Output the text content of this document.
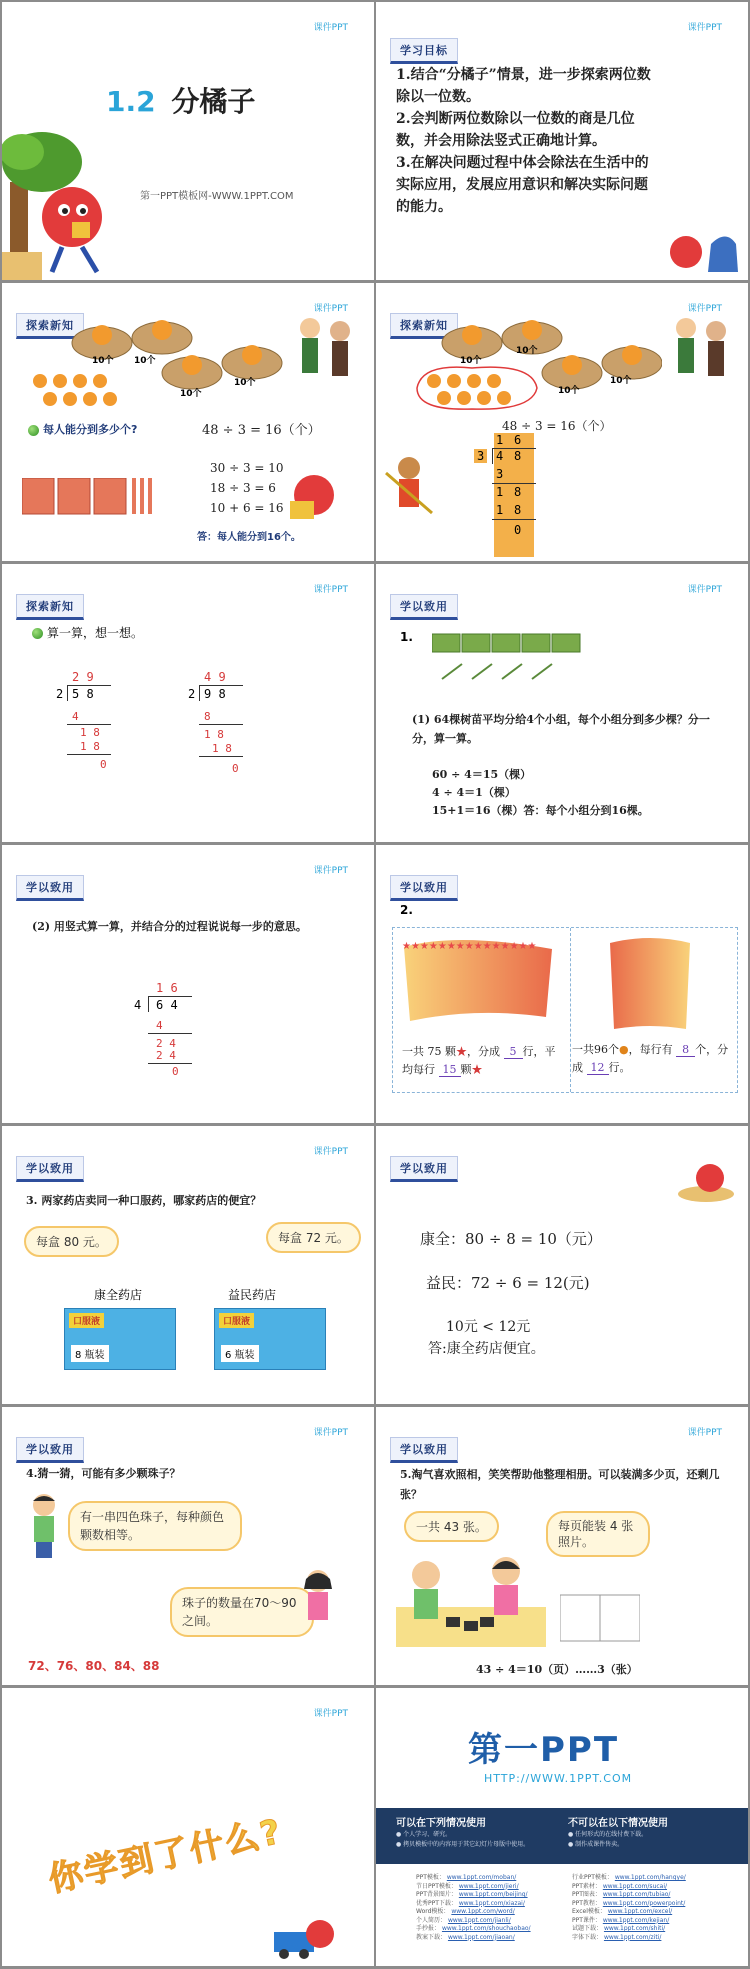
课件PPT
1.2 分橘子
第一PPT模板网-WWW.1PPT.COM
课件PPT
学习目标
1.结合“分橘子”情景，进一步探索两位数除以一位数。
2.会判断两位数除以一位数的商是几位数，并会用除法竖式正确地计算。
3.在解决问题过程中体会除法在生活中的实际应用，发展应用意识和解决实际问题的能力。
课件PPT
探索新知
10个 10个
10个
10个
每人能分到多少个?	48 ÷ 3 = 16（个）
30 ÷ 3 = 10
18 ÷ 3 = 6
10 + 6 = 16
答：每人能分到16个。
课件PPT
探索新知
10个
10个
10个
10个
48 ÷ 3 = 16（个）
1 6
3 4 8
3
1 8
1 8
0
课件PPT
探索新知
算一算，想一想。
2 9
2 5 8
4
1 8
1 8
0
4 9
2 9 8
8
1 8
1 8
0
课件PPT
学以致用
1.
(1) 64棵树苗平均分给4个小组，每个小组分到多少棵？分一分，算一算。
60 ÷ 4＝15（棵）
4 ÷ 4＝1（棵）
15+1＝16（棵）答：每个小组分到16棵。
课件PPT
学以致用
(2) 用竖式算一算，并结合分的过程说说每一步的意思。
1 6
4 6 4
4
2 4
2 4
0
学以致用
2.
★★★★★★★★★★★★★★★
一共 75 颗★，分成 5 行，平均每行 15 颗★
一共96个●，每行有 8 个，分成 12 行。
课件PPT
学以致用
3. 两家药店卖同一种口服药，哪家药店的便宜？
每盒 80 元。	每盒 72 元。
康全药店	益民药店
口服液
8 瓶装
口服液
6 瓶装
学以致用
康全：80 ÷ 8 = 10（元）
益民：72 ÷ 6 = 12(元)
10元 < 12元
答:康全药店便宜。
课件PPT
学以致用
4.猜一猜，可能有多少颗珠子？
有一串四色珠子，每种颜色颗数相等。
珠子的数量在70～90之间。
72、76、80、84、88
课件PPT
学以致用
5.淘气喜欢照相，笑笑帮助他整理相册。可以装满多少页，还剩几张？
一共 43 张。	每页能装 4 张照片。
43 ÷ 4＝10（页）……3（张）
课件PPT
你学到了什么?
第一PPT
HTTP://WWW.1PPT.COM
可以在下列情况使用
● 个人学习、研究。
● 拷贝模板中的内容用于其它幻灯片母版中使用。
不可以在以下情况使用
● 任何形式的在线付费下载。
● 制作成课件售卖。
PPT模板： www.1ppt.com/moban/
节日PPT模板： www.1ppt.com/jieri/
PPT背景图片： www.1ppt.com/beijing/
优秀PPT下载： www.1ppt.com/xiazai/
Word模板： www.1ppt.com/word/
个人简历： www.1ppt.com/jianli/
手抄报： www.1ppt.com/shouchaobao/
教案下载： www.1ppt.com/jiaoan/
行业PPT模板： www.1ppt.com/hangye/
PPT素材： www.1ppt.com/sucai/
PPT图表： www.1ppt.com/tubiao/
PPT教程： www.1ppt.com/powerpoint/
Excel模板： www.1ppt.com/excel/
PPT课件： www.1ppt.com/kejian/
试题下载： www.1ppt.com/shiti/
字体下载： www.1ppt.com/ziti/
